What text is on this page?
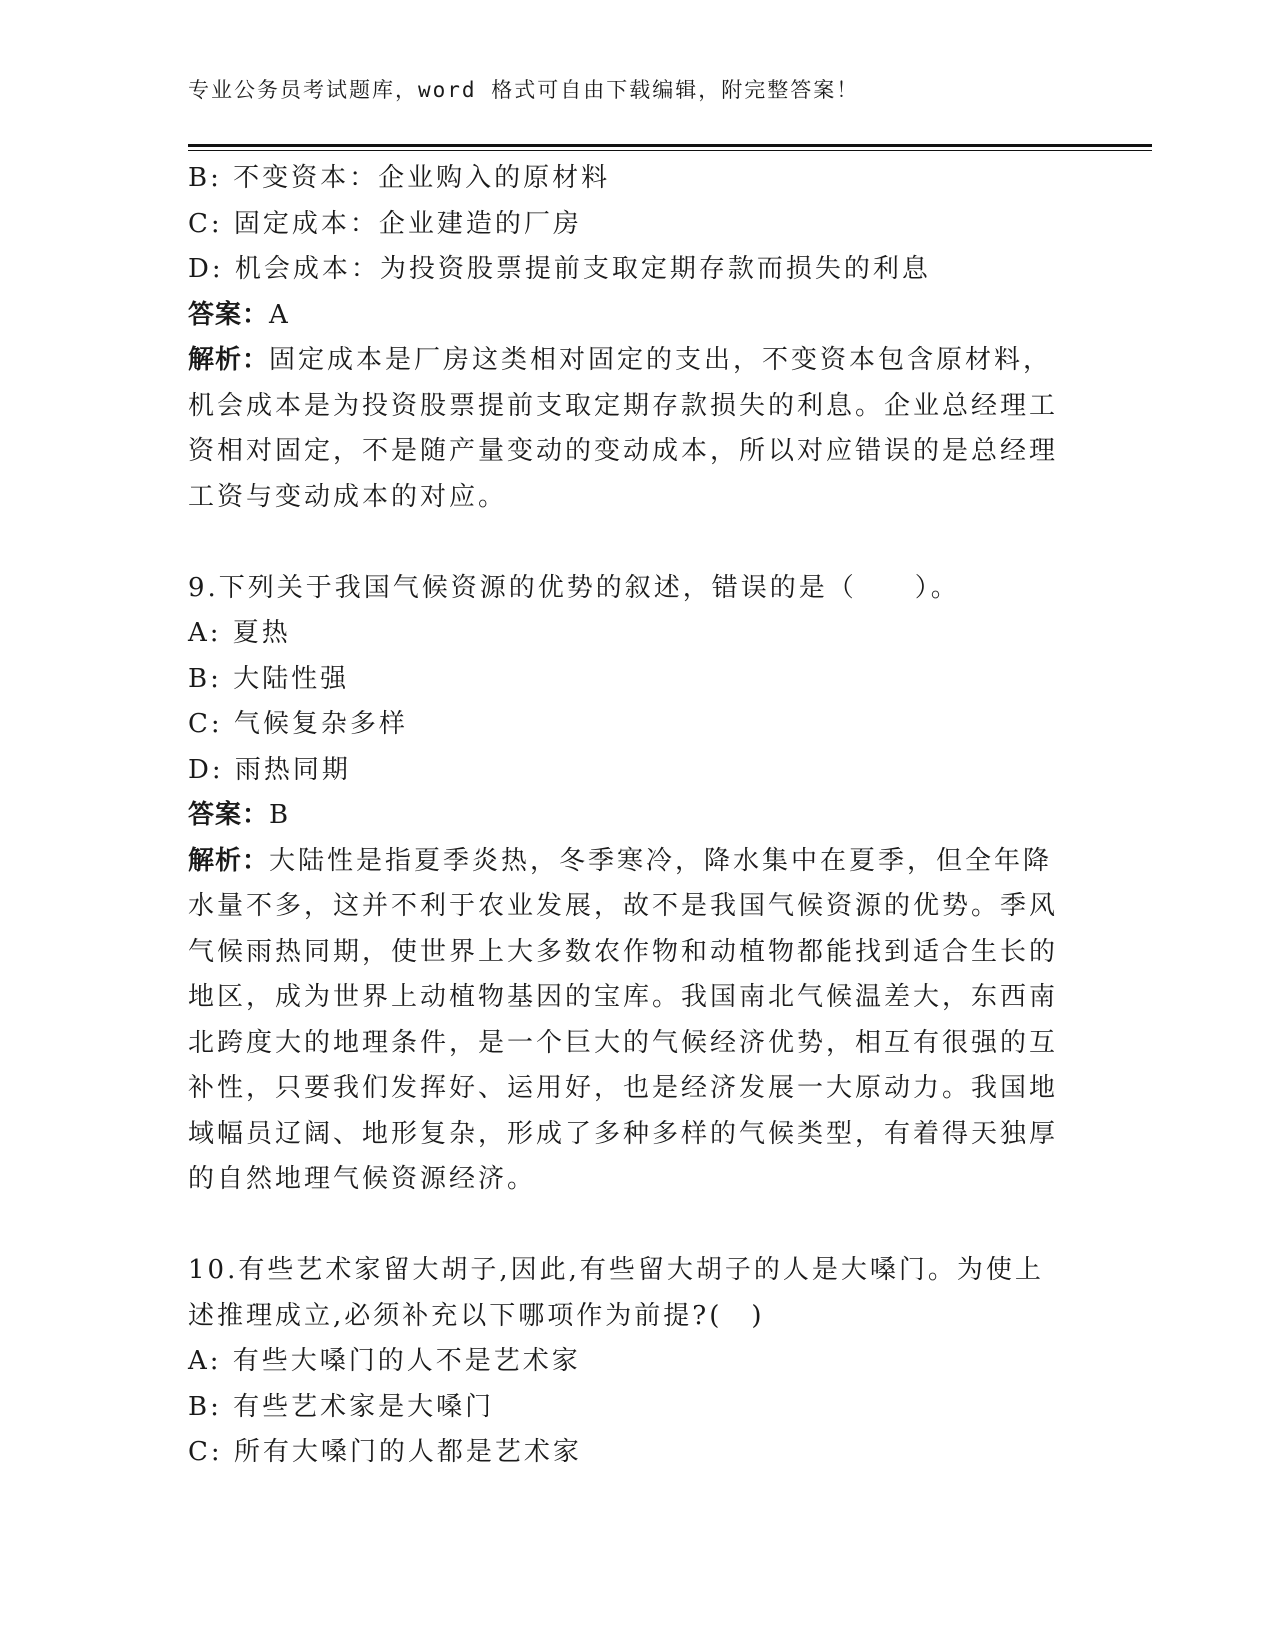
专业公务员考试题库，word 格式可自由下载编辑，附完整答案！

B: 不变资本：企业购入的原材料

C: 固定成本：企业建造的厂房

D: 机会成本：为投资股票提前支取定期存款而损失的利息

答案：A

解析：固定成本是厂房这类相对固定的支出，不变资本包含原材料，机会成本是为投资股票提前支取定期存款损失的利息。企业总经理工资相对固定，不是随产量变动的变动成本，所以对应错误的是总经理工资与变动成本的对应。

9.下列关于我国气候资源的优势的叙述，错误的是（　　）。

A: 夏热

B: 大陆性强

C: 气候复杂多样

D: 雨热同期

答案：B

解析：大陆性是指夏季炎热，冬季寒冷，降水集中在夏季，但全年降水量不多，这并不利于农业发展，故不是我国气候资源的优势。季风气候雨热同期，使世界上大多数农作物和动植物都能找到适合生长的地区，成为世界上动植物基因的宝库。我国南北气候温差大，东西南北跨度大的地理条件，是一个巨大的气候经济优势，相互有很强的互补性，只要我们发挥好、运用好，也是经济发展一大原动力。我国地域幅员辽阔、地形复杂，形成了多种多样的气候类型，有着得天独厚的自然地理气候资源经济。

10.有些艺术家留大胡子,因此,有些留大胡子的人是大嗓门。为使上述推理成立,必须补充以下哪项作为前提?(　)

A: 有些大嗓门的人不是艺术家

B: 有些艺术家是大嗓门

C: 所有大嗓门的人都是艺术家
